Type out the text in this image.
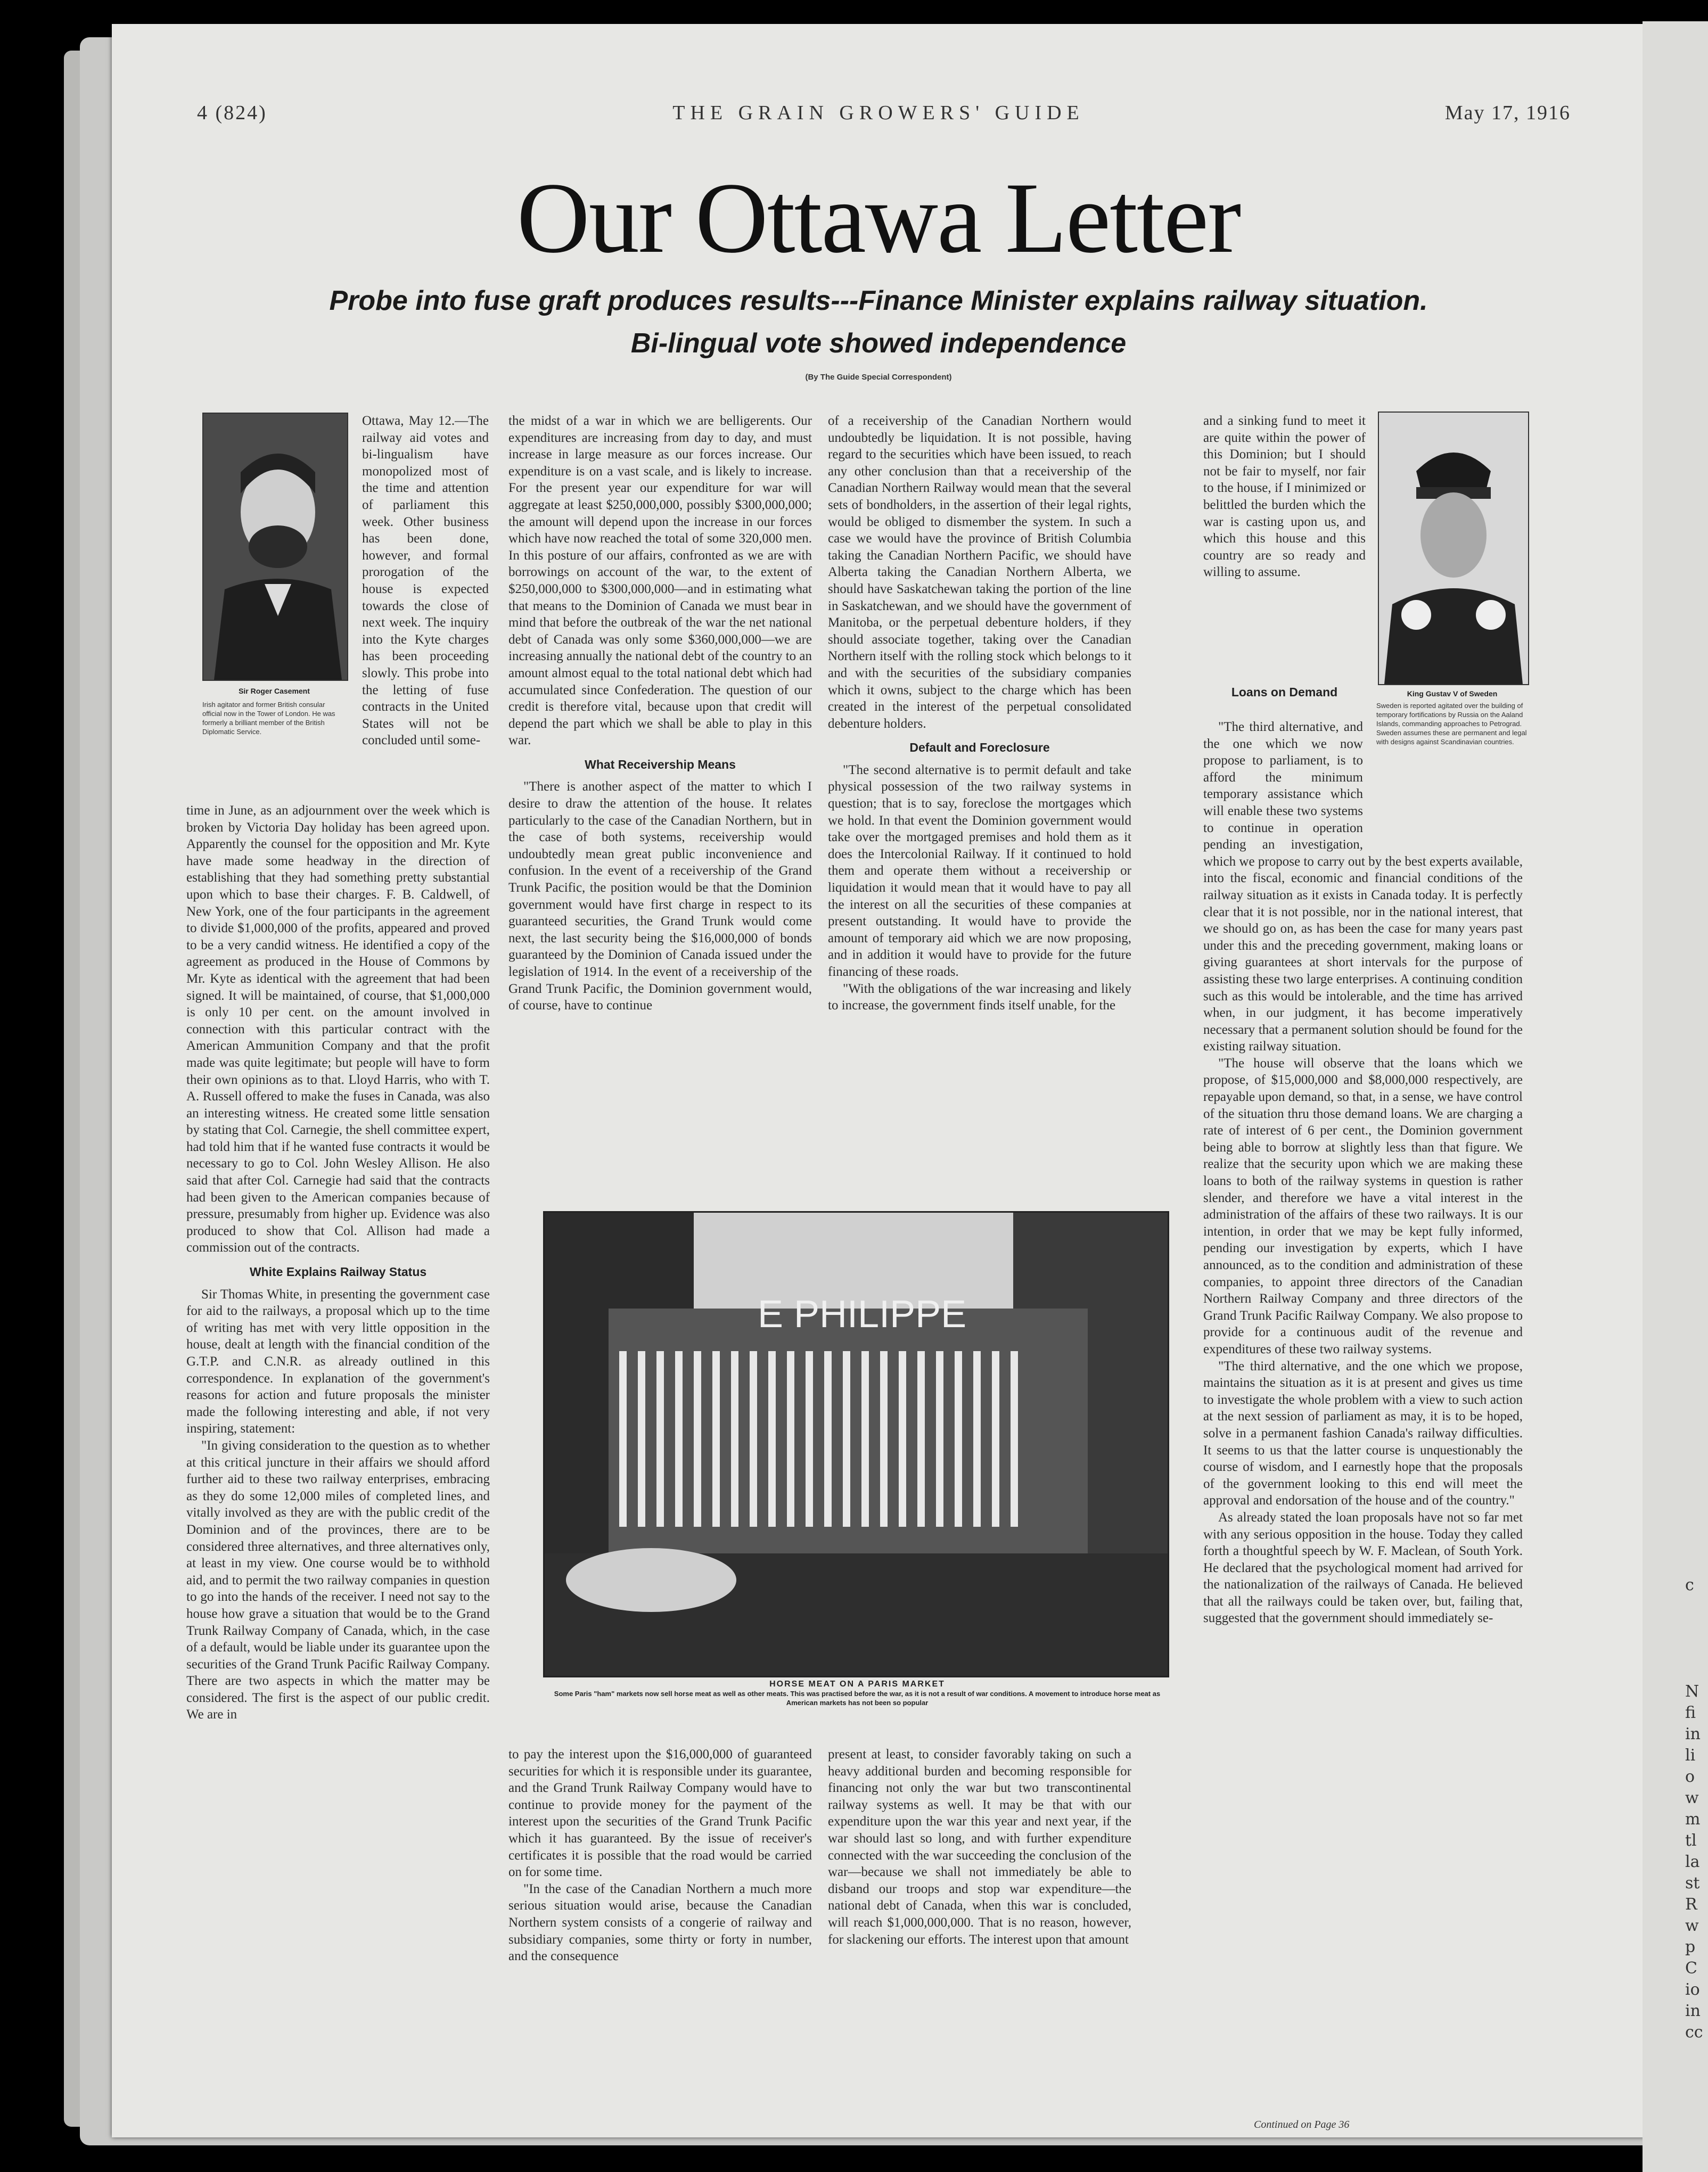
4 (824)	THE GRAIN GROWERS' GUIDE	May 17, 1916
Our Ottawa Letter
Probe into fuse graft produces results---Finance Minister explains railway situation.
Bi-lingual vote showed independence
(By The Guide Special Correspondent)
Sir Roger Casement
Irish agitator and former British consular official now in the Tower of London. He was formerly a brilliant member of the British Diplomatic Service.
King Gustav V of Sweden
Sweden is reported agitated over the building of temporary fortifications by Russia on the Aaland Islands, commanding approaches to Petrograd. Sweden assumes these are permanent and legal with designs against Scandinavian countries.

Ottawa, May 12.—The railway aid votes and bi-lingualism have monopolized most of the time and attention of parliament this week. Other business has been done, however, and formal prorogation of the house is expected towards the close of next week. The inquiry into the Kyte charges has been proceeding slowly. This probe into the letting of fuse contracts in the United States will not be concluded until some-

time in June, as an adjournment over the week which is broken by Victoria Day holiday has been agreed upon. Apparently the counsel for the opposition and Mr. Kyte have made some headway in the direction of establishing that they had something pretty substantial upon which to base their charges. F. B. Caldwell, of New York, one of the four participants in the agreement to divide $1,000,000 of the profits, appeared and proved to be a very candid witness. He identified a copy of the agreement as produced in the House of Commons by Mr. Kyte as identical with the agreement that had been signed. It will be maintained, of course, that $1,000,000 is only 10 per cent. on the amount involved in connection with this particular contract with the American Ammunition Company and that the profit made was quite legitimate; but people will have to form their own opinions as to that. Lloyd Harris, who with T. A. Russell offered to make the fuses in Canada, was also an interesting witness. He created some little sensation by stating that Col. Carnegie, the shell committee expert, had told him that if he wanted fuse contracts it would be necessary to go to Col. John Wesley Allison. He also said that after Col. Carnegie had said that the contracts had been given to the American companies because of pressure, presumably from higher up. Evidence was also produced to show that Col. Allison had made a commission out of the contracts.

White Explains Railway Status

Sir Thomas White, in presenting the government case for aid to the railways, a proposal which up to the time of writing has met with very little opposition in the house, dealt at length with the financial condition of the G.T.P. and C.N.R. as already outlined in this correspondence. In explanation of the government's reasons for action and future proposals the minister made the following interesting and able, if not very inspiring, statement:

"In giving consideration to the question as to whether at this critical juncture in their affairs we should afford further aid to these two railway enterprises, embracing as they do some 12,000 miles of completed lines, and vitally involved as they are with the public credit of the Dominion and of the provinces, there are to be considered three alternatives, and three alternatives only, at least in my view. One course would be to withhold aid, and to permit the two railway companies in question to go into the hands of the receiver. I need not say to the house how grave a situation that would be to the Grand Trunk Railway Company of Canada, which, in the case of a default, would be liable under its guarantee upon the securities of the Grand Trunk Pacific Railway Company. There are two aspects in which the matter may be considered. The first is the aspect of our public credit. We are in

the midst of a war in which we are belligerents. Our expenditures are increasing from day to day, and must increase in large measure as our forces increase. Our expenditure is on a vast scale, and is likely to increase. For the present year our expenditure for war will aggregate at least $250,000,000, possibly $300,000,000; the amount will depend upon the increase in our forces which have now reached the total of some 320,000 men. In this posture of our affairs, confronted as we are with borrowings on account of the war, to the extent of $250,000,000 to $300,000,000—and in estimating what that means to the Dominion of Canada we must bear in mind that before the outbreak of the war the net national debt of Canada was only some $360,000,000—we are increasing annually the national debt of the country to an amount almost equal to the total national debt which had accumulated since Confederation. The question of our credit is therefore vital, because upon that credit will depend the part which we shall be able to play in this war.

What Receivership Means

"There is another aspect of the matter to which I desire to draw the attention of the house. It relates particularly to the case of the Canadian Northern, but in the case of both systems, receivership would undoubtedly mean great public inconvenience and confusion. In the event of a receivership of the Grand Trunk Pacific, the position would be that the Dominion government would have first charge in respect to its guaranteed securities, the Grand Trunk would come next, the last security being the $16,000,000 of bonds guaranteed by the Dominion of Canada issued under the legislation of 1914. In the event of a receivership of the Grand Trunk Pacific, the Dominion government would, of course, have to continue

of a receivership of the Canadian Northern would undoubtedly be liquidation. It is not possible, having regard to the securities which have been issued, to reach any other conclusion than that a receivership of the Canadian Northern Railway would mean that the several sets of bondholders, in the assertion of their legal rights, would be obliged to dismember the system. In such a case we would have the province of British Columbia taking the Canadian Northern Pacific, we should have Alberta taking the Canadian Northern Alberta, we should have Saskatchewan taking the portion of the line in Saskatchewan, and we should have the government of Manitoba, or the perpetual debenture holders, if they should associate together, taking over the Canadian Northern itself with the rolling stock which belongs to it and with the securities of the subsidiary companies which it owns, subject to the charge which has been created in the interest of the perpetual consolidated debenture holders.

Default and Foreclosure

"The second alternative is to permit default and take physical possession of the two railway systems in question; that is to say, foreclose the mortgages which we hold. In that event the Dominion government would take over the mortgaged premises and hold them as it does the Intercolonial Railway. If it continued to hold them and operate them without a receivership or liquidation it would mean that it would have to pay all the interest on all the securities of these companies at present outstanding. It would have to provide the amount of temporary aid which we are now proposing, and in addition it would have to provide for the future financing of these roads.

"With the obligations of the war increasing and likely to increase, the government finds itself unable, for the

and a sinking fund to meet it are quite within the power of this Dominion; but I should not be fair to myself, nor fair to the house, if I minimized or belittled the burden which the war is casting upon us, and which this house and this country are so ready and willing to assume.

Loans on Demand

"The third alternative, and the one which we now propose to parliament, is to afford the minimum temporary assistance which will enable these two systems to continue in operation pending an investigation, which we propose to carry out by the best experts available, into the fiscal, economic and financial conditions of the railway situation as it exists in Canada today. It is perfectly clear that it is not possible, nor in the national interest, that we should go on, as has been the case for many years past under this and the preceding government, making loans or giving guarantees at short intervals for the purpose of assisting these two large enterprises. A continuing condition such as this would be intolerable, and the time has arrived when, in our judgment, it has become imperatively necessary that a permanent solution should be found for the existing railway situation.

"The house will observe that the loans which we propose, of $15,000,000 and $8,000,000 respectively, are repayable upon demand, so that, in a sense, we have control of the situation thru those demand loans. We are charging a rate of interest of 6 per cent., the Dominion government being able to borrow at slightly less than that figure. We realize that the security upon which we are making these loans to both of the railway systems in question is rather slender, and therefore we have a vital interest in the administration of the affairs of these two railways. It is our intention, in order that we may be kept fully informed, pending our investigation by experts, which I have announced, as to the condition and administration of these companies, to appoint three directors of the Canadian Northern Railway Company and three directors of the Grand Trunk Pacific Railway Company. We also propose to provide for a continuous audit of the revenue and expenditures of these two railway systems.

"The third alternative, and the one which we propose, maintains the situation as it is at present and gives us time to investigate the whole problem with a view to such action at the next session of parliament as may, it is to be hoped, solve in a permanent fashion Canada's railway difficulties. It seems to us that the latter course is unquestionably the course of wisdom, and I earnestly hope that the proposals of the government looking to this end will meet the approval and endorsation of the house and of the country."

As already stated the loan proposals have not so far met with any serious opposition in the house. Today they called forth a thoughtful speech by W. F. Maclean, of South York. He declared that the psychological moment had arrived for the nationalization of the railways of Canada. He believed that all the railways could be taken over, but, failing that, suggested that the government should immediately se-

E PHILIPPE
HORSE MEAT ON A PARIS MARKET
Some Paris "ham" markets now sell horse meat as well as other meats. This was practised before the war, as it is not a result of war conditions. A movement to introduce horse meat as American markets has not been so popular

to pay the interest upon the $16,000,000 of guaranteed securities for which it is responsible under its guarantee, and the Grand Trunk Railway Company would have to continue to provide money for the payment of the interest upon the securities of the Grand Trunk Pacific which it has guaranteed. By the issue of receiver's certificates it is possible that the road would be carried on for some time.

"In the case of the Canadian Northern a much more serious situation would arise, because the Canadian Northern system consists of a congerie of railway and subsidiary companies, some thirty or forty in number, and the consequence

present at least, to consider favorably taking on such a heavy additional burden and becoming responsible for financing not only the war but two transcontinental railway systems as well. It may be that with our expenditure upon the war this year and next year, if the war should last so long, and with further expenditure connected with the war succeeding the conclusion of the war—because we shall not immediately be able to disband our troops and stop war expenditure—the national debt of Canada, when this war is concluded, will reach $1,000,000,000. That is no reason, however, for slackening our efforts. The interest upon that amount

Continued on Page 36
c
N
fi
in
li
o
w
m
tl
la
st
R
w
p
C
io
in
cc
